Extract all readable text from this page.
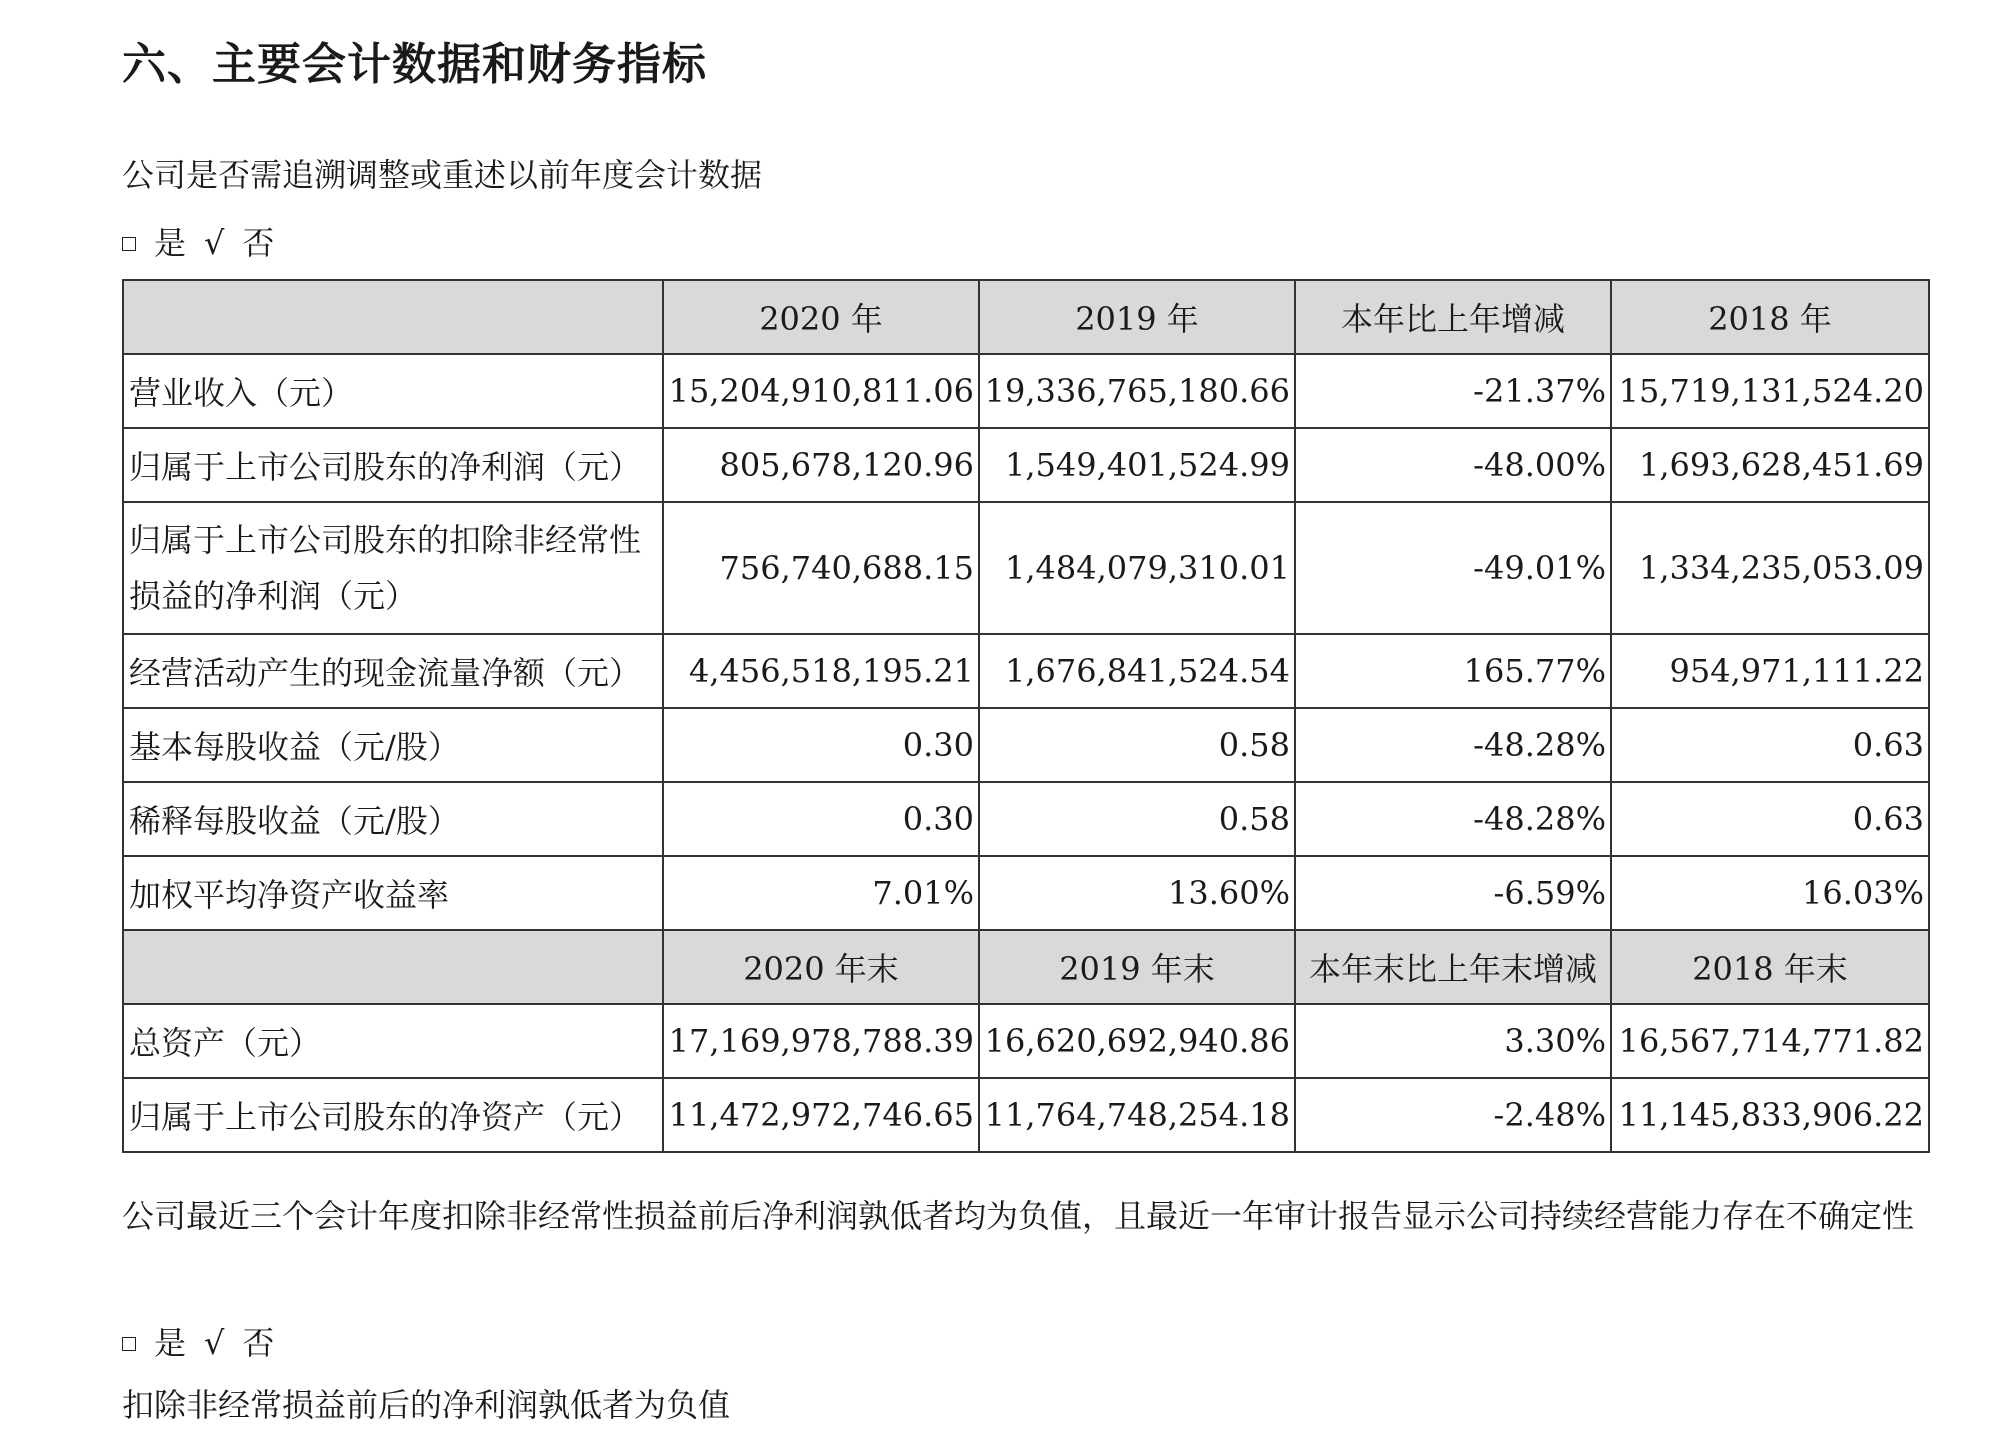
六、主要会计数据和财务指标
公司是否需追溯调整或重述以前年度会计数据
是 √ 否
	2020 年	2019 年	本年比上年增减	2018 年
营业收入（元）	15,204,910,811.06	19,336,765,180.66	-21.37%	15,719,131,524.20
归属于上市公司股东的净利润（元）	805,678,120.96	1,549,401,524.99	-48.00%	1,693,628,451.69
归属于上市公司股东的扣除非经常性损益的净利润（元）	756,740,688.15	1,484,079,310.01	-49.01%	1,334,235,053.09
经营活动产生的现金流量净额（元）	4,456,518,195.21	1,676,841,524.54	165.77%	954,971,111.22
基本每股收益（元/股）	0.30	0.58	-48.28%	0.63
稀释每股收益（元/股）	0.30	0.58	-48.28%	0.63
加权平均净资产收益率	7.01%	13.60%	-6.59%	16.03%
	2020 年末	2019 年末	本年末比上年末增减	2018 年末
总资产（元）	17,169,978,788.39	16,620,692,940.86	3.30%	16,567,714,771.82
归属于上市公司股东的净资产（元）	11,472,972,746.65	11,764,748,254.18	-2.48%	11,145,833,906.22
公司最近三个会计年度扣除非经常性损益前后净利润孰低者均为负值，且最近一年审计报告显示公司持续经营能力存在不确定性
是 √ 否
扣除非经常损益前后的净利润孰低者为负值
